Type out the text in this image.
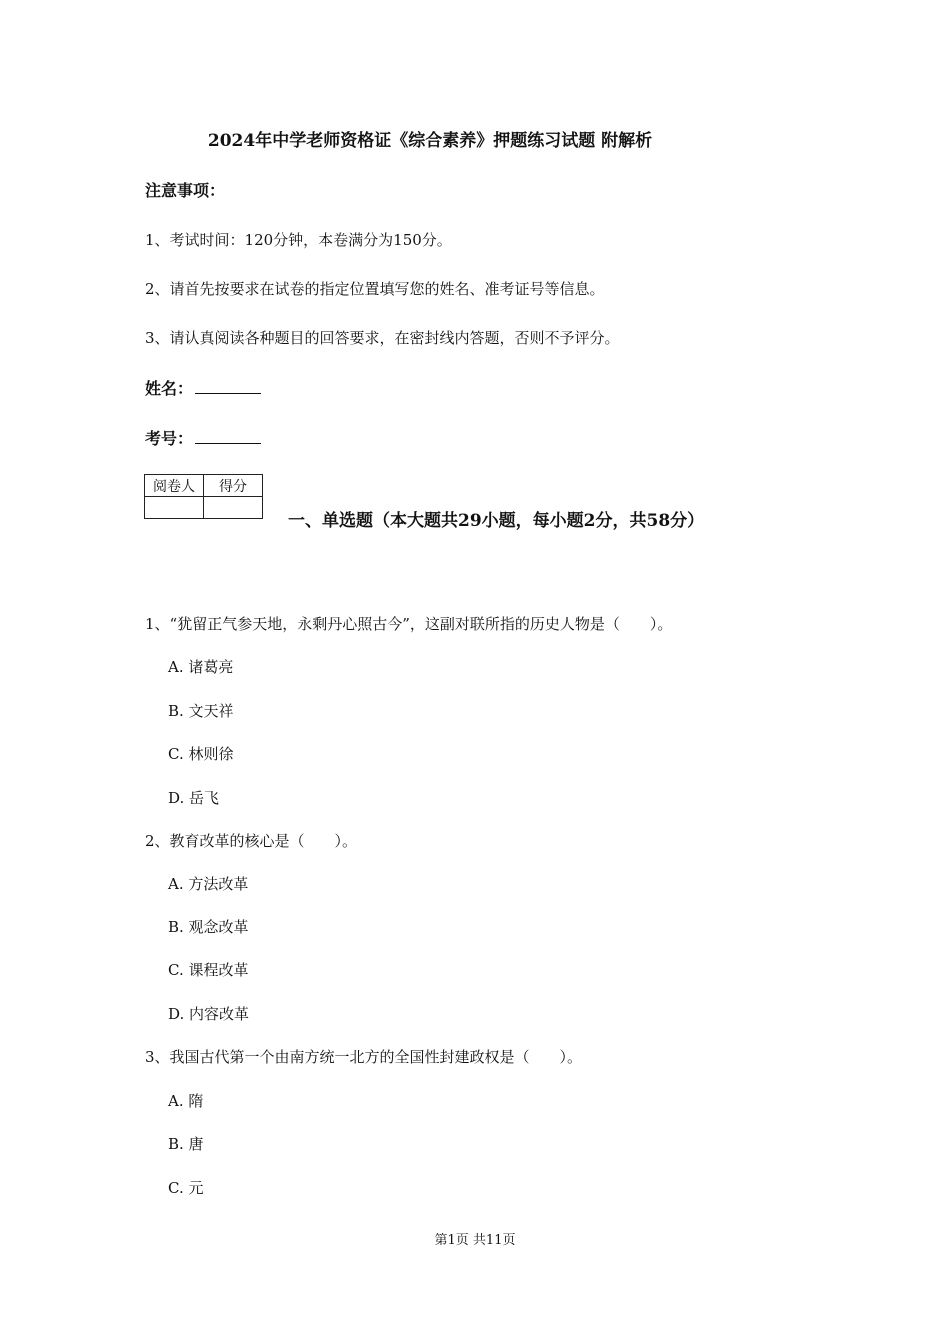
2024年中学老师资格证《综合素养》押题练习试题 附解析
注意事项：
1、考试时间：120分钟，本卷满分为150分。
2、请首先按要求在试卷的指定位置填写您的姓名、准考证号等信息。
3、请认真阅读各种题目的回答要求，在密封线内答题，否则不予评分。
姓名：
考号：
阅卷人	得分

一、单选题（本大题共29小题，每小题2分，共58分）
1、“犹留正气参天地，永剩丹心照古今”，这副对联所指的历史人物是（　　）。
A. 诸葛亮
B. 文天祥
C. 林则徐
D. 岳飞
2、教育改革的核心是（　　）。
A. 方法改革
B. 观念改革
C. 课程改革
D. 内容改革
3、我国古代第一个由南方统一北方的全国性封建政权是（　　）。
A. 隋
B. 唐
C. 元
第1页 共11页
